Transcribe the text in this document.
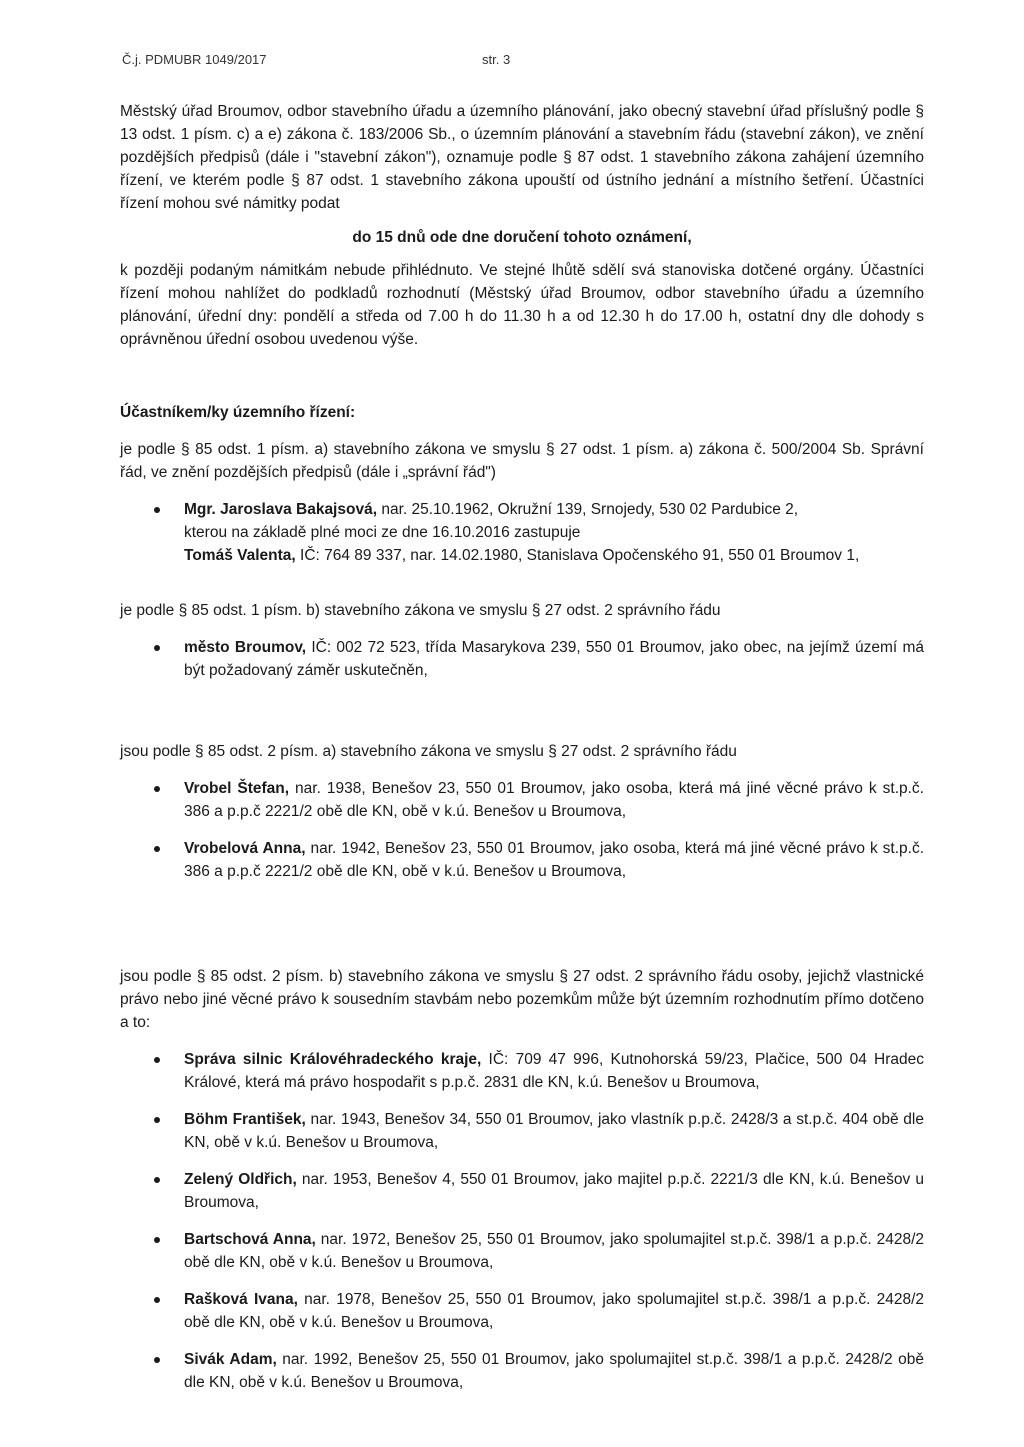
Č.j. PDMUBR 1049/2017	str. 3

Městský úřad Broumov, odbor stavebního úřadu a územního plánování, jako obecný stavební úřad příslušný podle § 13 odst. 1 písm. c) a e) zákona č. 183/2006 Sb., o územním plánování a stavebním řádu (stavební zákon), ve znění pozdějších předpisů (dále i "stavební zákon"), oznamuje podle § 87 odst. 1 stavebního zákona zahájení územního řízení, ve kterém podle § 87 odst. 1 stavebního zákona upouští od ústního jednání a místního šetření. Účastníci řízení mohou své námitky podat

do 15 dnů ode dne doručení tohoto oznámení,

k později podaným námitkám nebude přihlédnuto. Ve stejné lhůtě sdělí svá stanoviska dotčené orgány. Účastníci řízení mohou nahlížet do podkladů rozhodnutí (Městský úřad Broumov, odbor stavebního úřadu a územního plánování, úřední dny: pondělí a středa od 7.00 h do 11.30 h a od 12.30 h do 17.00 h, ostatní dny dle dohody s oprávněnou úřední osobou uvedenou výše.

Účastníkem/ky územního řízení:

je podle § 85 odst. 1 písm. a) stavebního zákona ve smyslu § 27 odst. 1 písm. a) zákona č. 500/2004 Sb. Správní řád, ve znění pozdějších předpisů (dále i „správní řád")

Mgr. Jaroslava Bakajsová, nar. 25.10.1962, Okružní 139, Srnojedy, 530 02 Pardubice 2,
kterou na základě plné moci ze dne 16.10.2016 zastupuje
Tomáš Valenta, IČ: 764 89 337, nar. 14.02.1980, Stanislava Opočenského 91, 550 01 Broumov 1,

je podle § 85 odst. 1 písm. b) stavebního zákona ve smyslu § 27 odst. 2 správního řádu

město Broumov, IČ: 002 72 523, třída Masarykova 239, 550 01 Broumov, jako obec, na jejímž území má být požadovaný záměr uskutečněn,

jsou podle § 85 odst. 2 písm. a) stavebního zákona ve smyslu § 27 odst. 2 správního řádu

Vrobel Štefan, nar. 1938, Benešov 23, 550 01 Broumov, jako osoba, která má jiné věcné právo k st.p.č. 386 a p.p.č 2221/2 obě dle KN, obě v k.ú. Benešov u Broumova,
Vrobelová Anna, nar. 1942, Benešov 23, 550 01 Broumov, jako osoba, která má jiné věcné právo k st.p.č. 386 a p.p.č 2221/2 obě dle KN, obě v k.ú. Benešov u Broumova,

jsou podle § 85 odst. 2 písm. b) stavebního zákona ve smyslu § 27 odst. 2 správního řádu osoby, jejichž vlastnické právo nebo jiné věcné právo k sousedním stavbám nebo pozemkům může být územním rozhodnutím přímo dotčeno a to:

Správa silnic Královéhradeckého kraje, IČ: 709 47 996, Kutnohorská 59/23, Plačice, 500 04 Hradec Králové, která má právo hospodařit s p.p.č. 2831 dle KN, k.ú. Benešov u Broumova,
Böhm František, nar. 1943, Benešov 34, 550 01 Broumov, jako vlastník p.p.č. 2428/3 a st.p.č. 404 obě dle KN, obě v k.ú. Benešov u Broumova,
Zelený Oldřich, nar. 1953, Benešov 4, 550 01 Broumov, jako majitel p.p.č. 2221/3 dle KN, k.ú. Benešov u Broumova,
Bartschová Anna, nar. 1972, Benešov 25, 550 01 Broumov, jako spolumajitel st.p.č. 398/1 a p.p.č. 2428/2 obě dle KN, obě v k.ú. Benešov u Broumova,
Rašková Ivana, nar. 1978, Benešov 25, 550 01 Broumov, jako spolumajitel st.p.č. 398/1 a p.p.č. 2428/2 obě dle KN, obě v k.ú. Benešov u Broumova,
Sivák Adam, nar. 1992, Benešov 25, 550 01 Broumov, jako spolumajitel st.p.č. 398/1 a p.p.č. 2428/2 obě dle KN, obě v k.ú. Benešov u Broumova,
